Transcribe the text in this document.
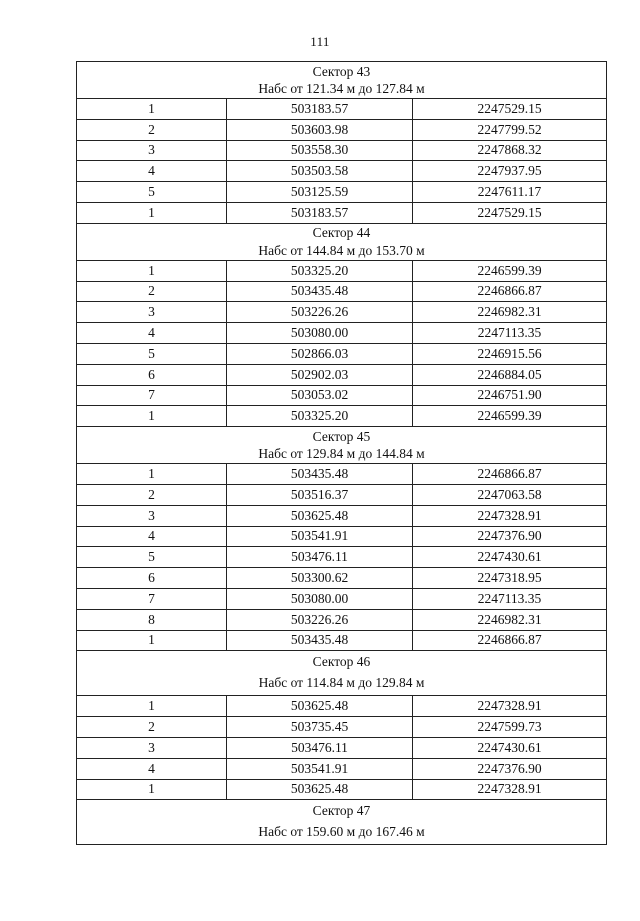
111
Сектор 43		
Набс от 121.34 м до 127.84 м		
1	503183.57	2247529.15
2	503603.98	2247799.52
3	503558.30	2247868.32
4	503503.58	2247937.95
5	503125.59	2247611.17
1	503183.57	2247529.15
Сектор 44		
Набс от 144.84 м до 153.70 м		
1	503325.20	2246599.39
2	503435.48	2246866.87
3	503226.26	2246982.31
4	503080.00	2247113.35
5	502866.03	2246915.56
6	502902.03	2246884.05
7	503053.02	2246751.90
1	503325.20	2246599.39
Сектор 45		
Набс от 129.84 м до 144.84 м		
1	503435.48	2246866.87
2	503516.37	2247063.58
3	503625.48	2247328.91
4	503541.91	2247376.90
5	503476.11	2247430.61
6	503300.62	2247318.95
7	503080.00	2247113.35
8	503226.26	2246982.31
1	503435.48	2246866.87
Сектор 46		
Набс от 114.84 м до 129.84 м		
1	503625.48	2247328.91
2	503735.45	2247599.73
3	503476.11	2247430.61
4	503541.91	2247376.90
1	503625.48	2247328.91
Сектор 47		
Набс от 159.60 м до 167.46 м		
